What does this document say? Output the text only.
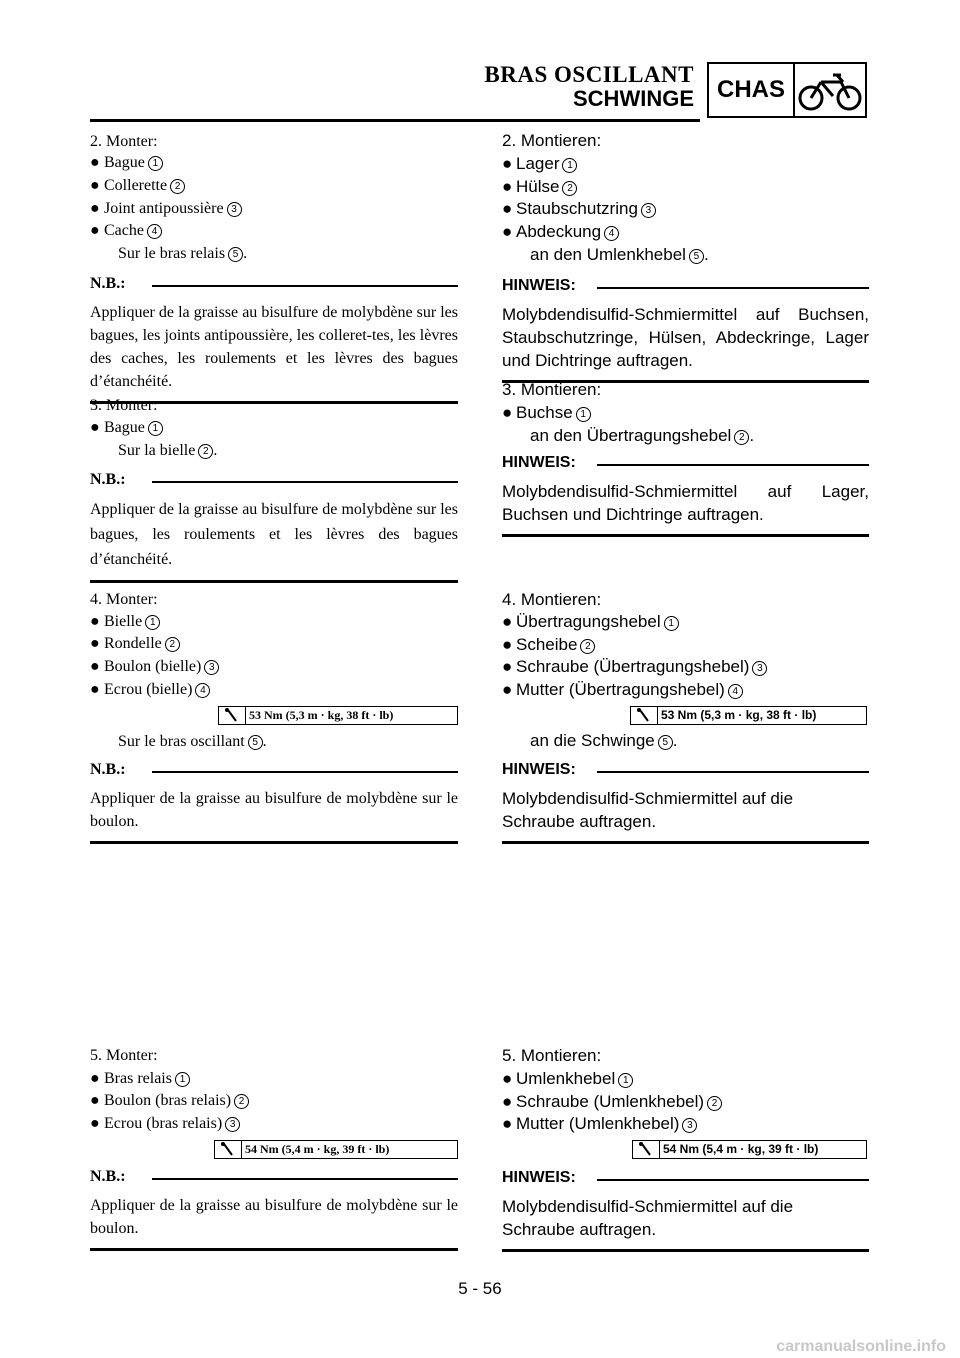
BRAS OSCILLANT
SCHWINGE CHAS
2. Monter:
● Bague 1
● Collerette 2
● Joint antipoussière 3
● Cache 4
Sur le bras relais 5 .
N.B.:
Appliquer de la graisse au bisulfure de molybdène sur les bagues, les joints antipoussière, les colleret-tes, les lèvres des caches, les roulements et les lèvres des bagues d’étanchéité.
3. Monter:
● Bague 1
Sur la bielle 2 .
N.B.:
Appliquer de la graisse au bisulfure de molybdène sur les bagues, les roulements et les lèvres des bagues d’étanchéité.
4. Monter:
● Bielle 1
● Rondelle 2
● Boulon (bielle) 3
● Ecrou (bielle) 4
53 Nm (5,3 m · kg, 38 ft · lb)
Sur le bras oscillant 5 .
N.B.:
Appliquer de la graisse au bisulfure de molybdène sur le boulon.
5. Monter:
● Bras relais 1
● Boulon (bras relais) 2
● Ecrou (bras relais) 3
54 Nm (5,4 m · kg, 39 ft · lb)
N.B.:
Appliquer de la graisse au bisulfure de molybdène sur le boulon.
2. Montieren:
● Lager 1
● Hülse 2
● Staubschutzring 3
● Abdeckung 4
an den Umlenkhebel 5 .
HINWEIS:
Molybdendisulfid-Schmiermittel auf Buchsen, Staubschutzringe, Hülsen, Abdeckringe, Lager und Dichtringe auftragen.
3. Montieren:
● Buchse 1
an den Übertragungshebel 2 .
HINWEIS:
Molybdendisulfid-Schmiermittel auf Lager, Buchsen und Dichtringe auftragen.
4. Montieren:
● Übertragungshebel 1
● Scheibe 2
● Schraube (Übertragungshebel) 3
● Mutter (Übertragungshebel) 4
53 Nm (5,3 m · kg, 38 ft · lb)
an die Schwinge 5 .
HINWEIS:
Molybdendisulfid-Schmiermittel auf die Schraube auftragen.
5. Montieren:
● Umlenkhebel 1
● Schraube (Umlenkhebel) 2
● Mutter (Umlenkhebel) 3
54 Nm (5,4 m · kg, 39 ft · lb)
HINWEIS:
Molybdendisulfid-Schmiermittel auf die Schraube auftragen.
5 - 56
carmanualsonline.info
